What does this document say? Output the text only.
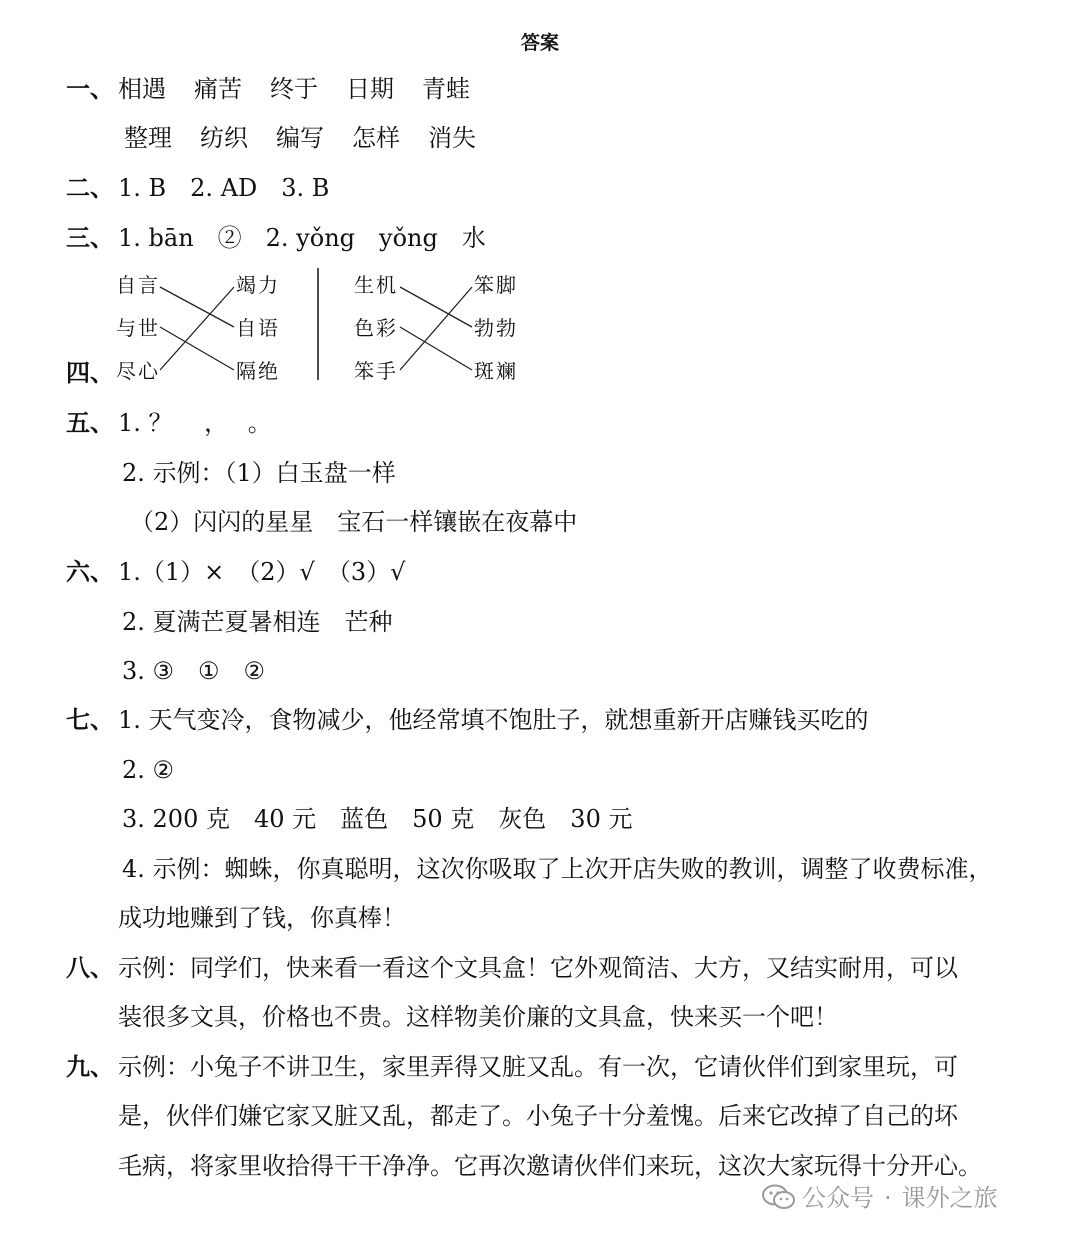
答案
一、 相遇 痛苦 终于 日期 青蛙
整理 纺织 编写 怎样 消失
二、 1. B　2. AD　3. B
三、 1. bān　②　2. yǒng　yǒng　水
四、
自言
与世
尽心
竭力
自语
隔绝
生机
色彩
笨手
笨脚
勃勃
斑斓
五、 1. ？　 ，　 。
2. 示例：（1）白玉盘一样
（2）闪闪的星星　宝石一样镶嵌在夜幕中
六、 1.（1）×　（2）√　（3）√
2. 夏满芒夏暑相连　芒种
3. ③　①　②
七、 1. 天气变冷，食物减少，他经常填不饱肚子，就想重新开店赚钱买吃的
2. ②
3. 200 克　40 元　蓝色　50 克　灰色　30 元
4. 示例：蜘蛛，你真聪明，这次你吸取了上次开店失败的教训，调整了收费标准，
成功地赚到了钱，你真棒！
八、 示例：同学们，快来看一看这个文具盒！它外观简洁、大方，又结实耐用，可以
装很多文具，价格也不贵。这样物美价廉的文具盒，快来买一个吧！
九、 示例：小兔子不讲卫生，家里弄得又脏又乱。有一次，它请伙伴们到家里玩，可
是，伙伴们嫌它家又脏又乱，都走了。小兔子十分羞愧。后来它改掉了自己的坏
毛病，将家里收拾得干干净净。它再次邀请伙伴们来玩，这次大家玩得十分开心。
公众号 · 课外之旅
